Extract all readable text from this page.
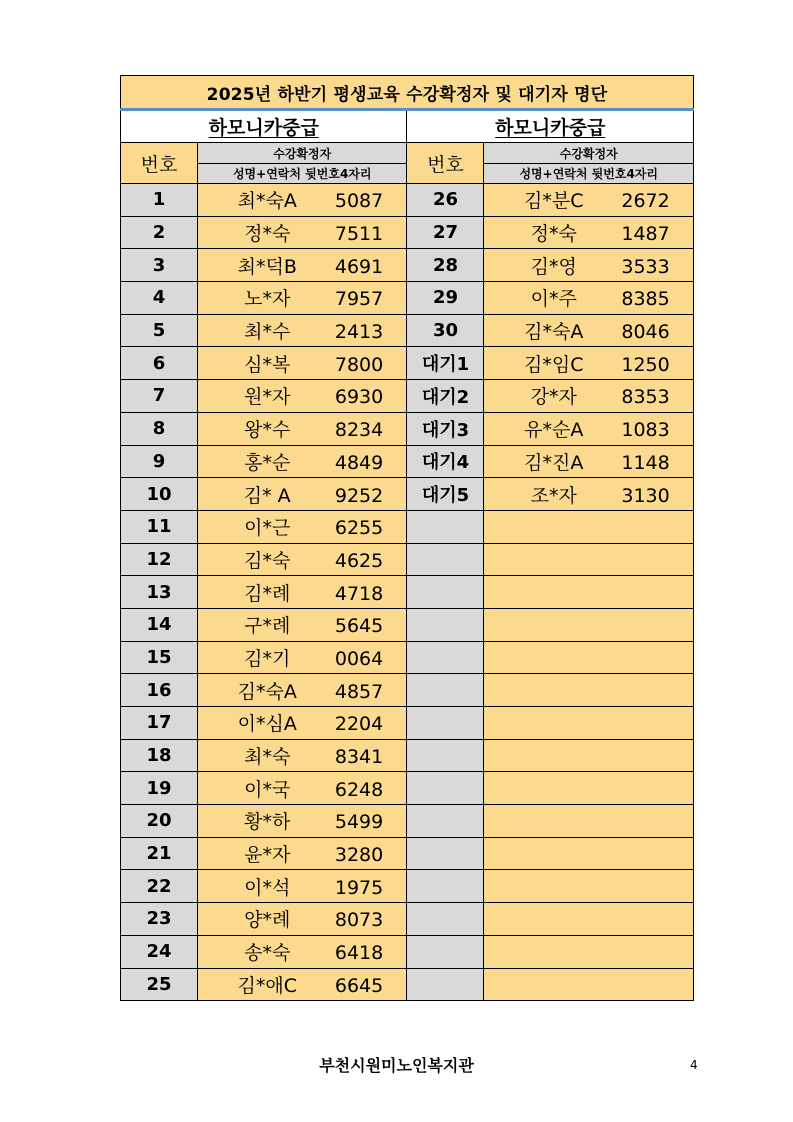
2025년 하반기 평생교육 수강확정자 및 대기자 명단			
하모니카중급		하모니카중급	
번호	수강확정자	번호	수강확정자
	성명+연락처 뒷번호4자리		성명+연락처 뒷번호4자리
1	최*숙A 5087	26	김*분C 2672
2	정*숙 7511	27	정*숙 1487
3	최*덕B 4691	28	김*영 3533
4	노*자 7957	29	이*주 8385
5	최*수 2413	30	김*숙A 8046
6	심*복 7800	대기1	김*임C 1250
7	원*자 6930	대기2	강*자 8353
8	왕*수 8234	대기3	유*순A 1083
9	홍*순 4849	대기4	김*진A 1148
10	김* A 9252	대기5	조*자 3130
11	이*근 6255		
12	김*숙 4625		
13	김*례 4718		
14	구*례 5645		
15	김*기 0064		
16	김*숙A 4857		
17	이*심A 2204		
18	최*숙 8341		
19	이*국 6248		
20	황*하 5499		
21	윤*자 3280		
22	이*석 1975		
23	양*례 8073		
24	송*숙 6418		
25	김*애C 6645		
부천시원미노인복지관	4
